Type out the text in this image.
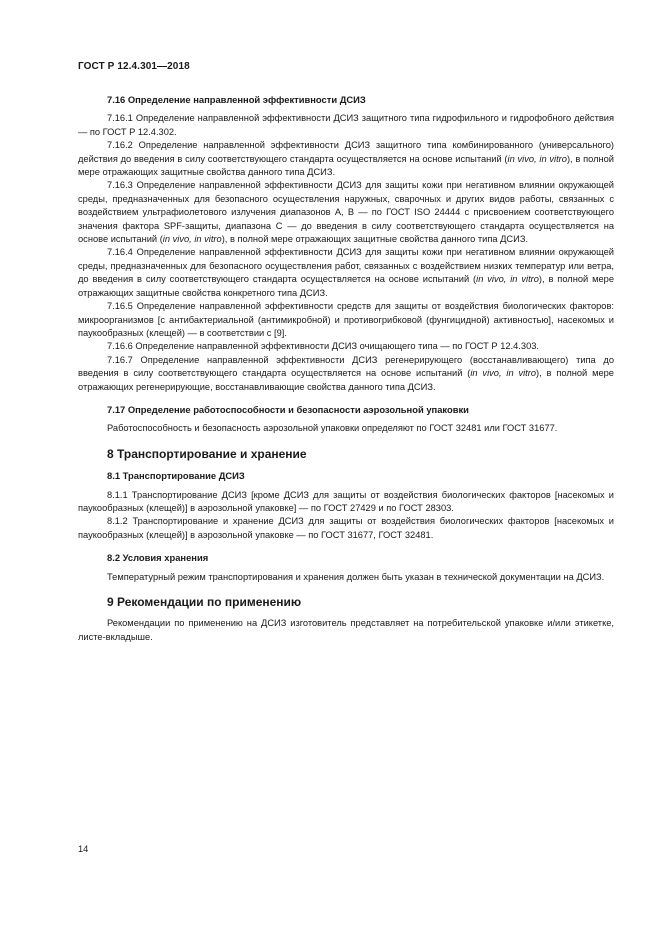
ГОСТ Р 12.4.301—2018
7.16 Определение направленной эффективности ДСИЗ

7.16.1 Определение направленной эффективности ДСИЗ защитного типа гидрофильного и гидрофобного действия — по ГОСТ Р 12.4.302.

7.16.2 Определение направленной эффективности ДСИЗ защитного типа комбинированного (универсального) действия до введения в силу соответствующего стандарта осуществляется на основе испытаний (in vivo, in vitro), в полной мере отражающих защитные свойства данного типа ДСИЗ.

7.16.3 Определение направленной эффективности ДСИЗ для защиты кожи при негативном влиянии окружающей среды, предназначенных для безопасного осуществления наружных, сварочных и других видов работы, связанных с воздействием ультрафиолетового излучения диапазонов А, В — по ГОСТ ISO 24444 с присвоением соответствующего значения фактора SPF-защиты, диапазона С — до введения в силу соответствующего стандарта осуществляется на основе испытаний (in vivo, in vitro), в полной мере отражающих защитные свойства данного типа ДСИЗ.

7.16.4 Определение направленной эффективности ДСИЗ для защиты кожи при негативном влиянии окружающей среды, предназначенных для безопасного осуществления работ, связанных с воздействием низких температур или ветра, до введения в силу соответствующего стандарта осуществляется на основе испытаний (in vivo, in vitro), в полной мере отражающих защитные свойства конкретного типа ДСИЗ.

7.16.5 Определение направленной эффективности средств для защиты от воздействия биологических факторов: микроорганизмов [с антибактериальной (антимикробной) и противогрибковой (фунгицидной) активностью], насекомых и паукообразных (клещей) — в соответствии с [9].

7.16.6 Определение направленной эффективности ДСИЗ очищающего типа — по ГОСТ Р 12.4.303.

7.16.7 Определение направленной эффективности ДСИЗ регенерирующего (восстанавливающего) типа до введения в силу соответствующего стандарта осуществляется на основе испытаний (in vivo, in vitro), в полной мере отражающих регенерирующие, восстанавливающие свойства данного типа ДСИЗ.

7.17 Определение работоспособности и безопасности аэрозольной упаковки

Работоспособность и безопасность аэрозольной упаковки определяют по ГОСТ 32481 или ГОСТ 31677.

8 Транспортирование и хранение
8.1 Транспортирование ДСИЗ

8.1.1 Транспортирование ДСИЗ [кроме ДСИЗ для защиты от воздействия биологических факторов [насекомых и паукообразных (клещей)] в аэрозольной упаковке] — по ГОСТ 27429 и по ГОСТ 28303.

8.1.2 Транспортирование и хранение ДСИЗ для защиты от воздействия биологических факторов [насекомых и паукообразных (клещей)] в аэрозольной упаковке — по ГОСТ 31677, ГОСТ 32481.

8.2 Условия хранения

Температурный режим транспортирования и хранения должен быть указан в технической документации на ДСИЗ.

9 Рекомендации по применению

Рекомендации по применению на ДСИЗ изготовитель представляет на потребительской упаковке и/или этикетке, листе-вкладыше.

14
